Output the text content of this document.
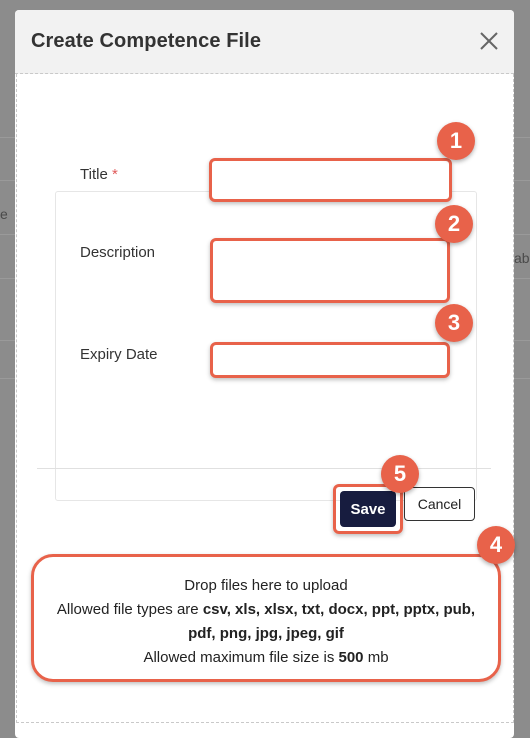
e
ab
Create Competence File
Title *
Description
Expiry Date
Save	Cancel
Drop files here to upload
Allowed file types are csv, xls, xlsx, txt, docx, ppt, pptx, pub,
pdf, png, jpg, jpeg, gif
Allowed maximum file size is 500 mb
1
2
3
4
5
